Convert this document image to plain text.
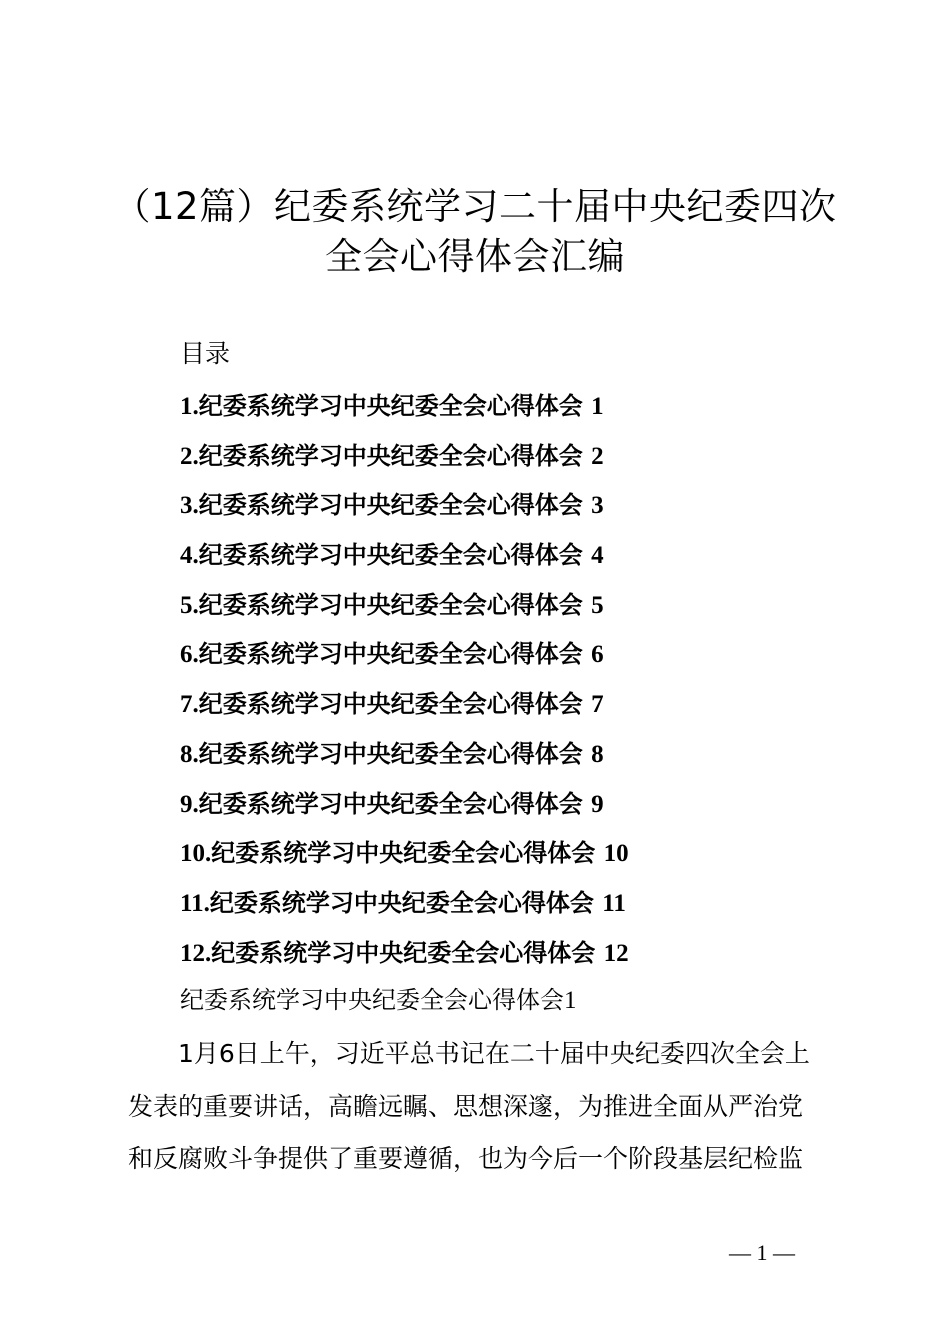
（12篇）纪委系统学习二十届中央纪委四次
全会心得体会汇编
目录
1.纪委系统学习中央纪委全会心得体会 1
2.纪委系统学习中央纪委全会心得体会 2
3.纪委系统学习中央纪委全会心得体会 3
4.纪委系统学习中央纪委全会心得体会 4
5.纪委系统学习中央纪委全会心得体会 5
6.纪委系统学习中央纪委全会心得体会 6
7.纪委系统学习中央纪委全会心得体会 7
8.纪委系统学习中央纪委全会心得体会 8
9.纪委系统学习中央纪委全会心得体会 9
10.纪委系统学习中央纪委全会心得体会 10
11.纪委系统学习中央纪委全会心得体会 11
12.纪委系统学习中央纪委全会心得体会 12
纪委系统学习中央纪委全会心得体会1
1月6日上午，习近平总书记在二十届中央纪委四次全会上
发表的重要讲话，高瞻远瞩、思想深邃，为推进全面从严治党
和反腐败斗争提供了重要遵循，也为今后一个阶段基层纪检监
— 1 —
